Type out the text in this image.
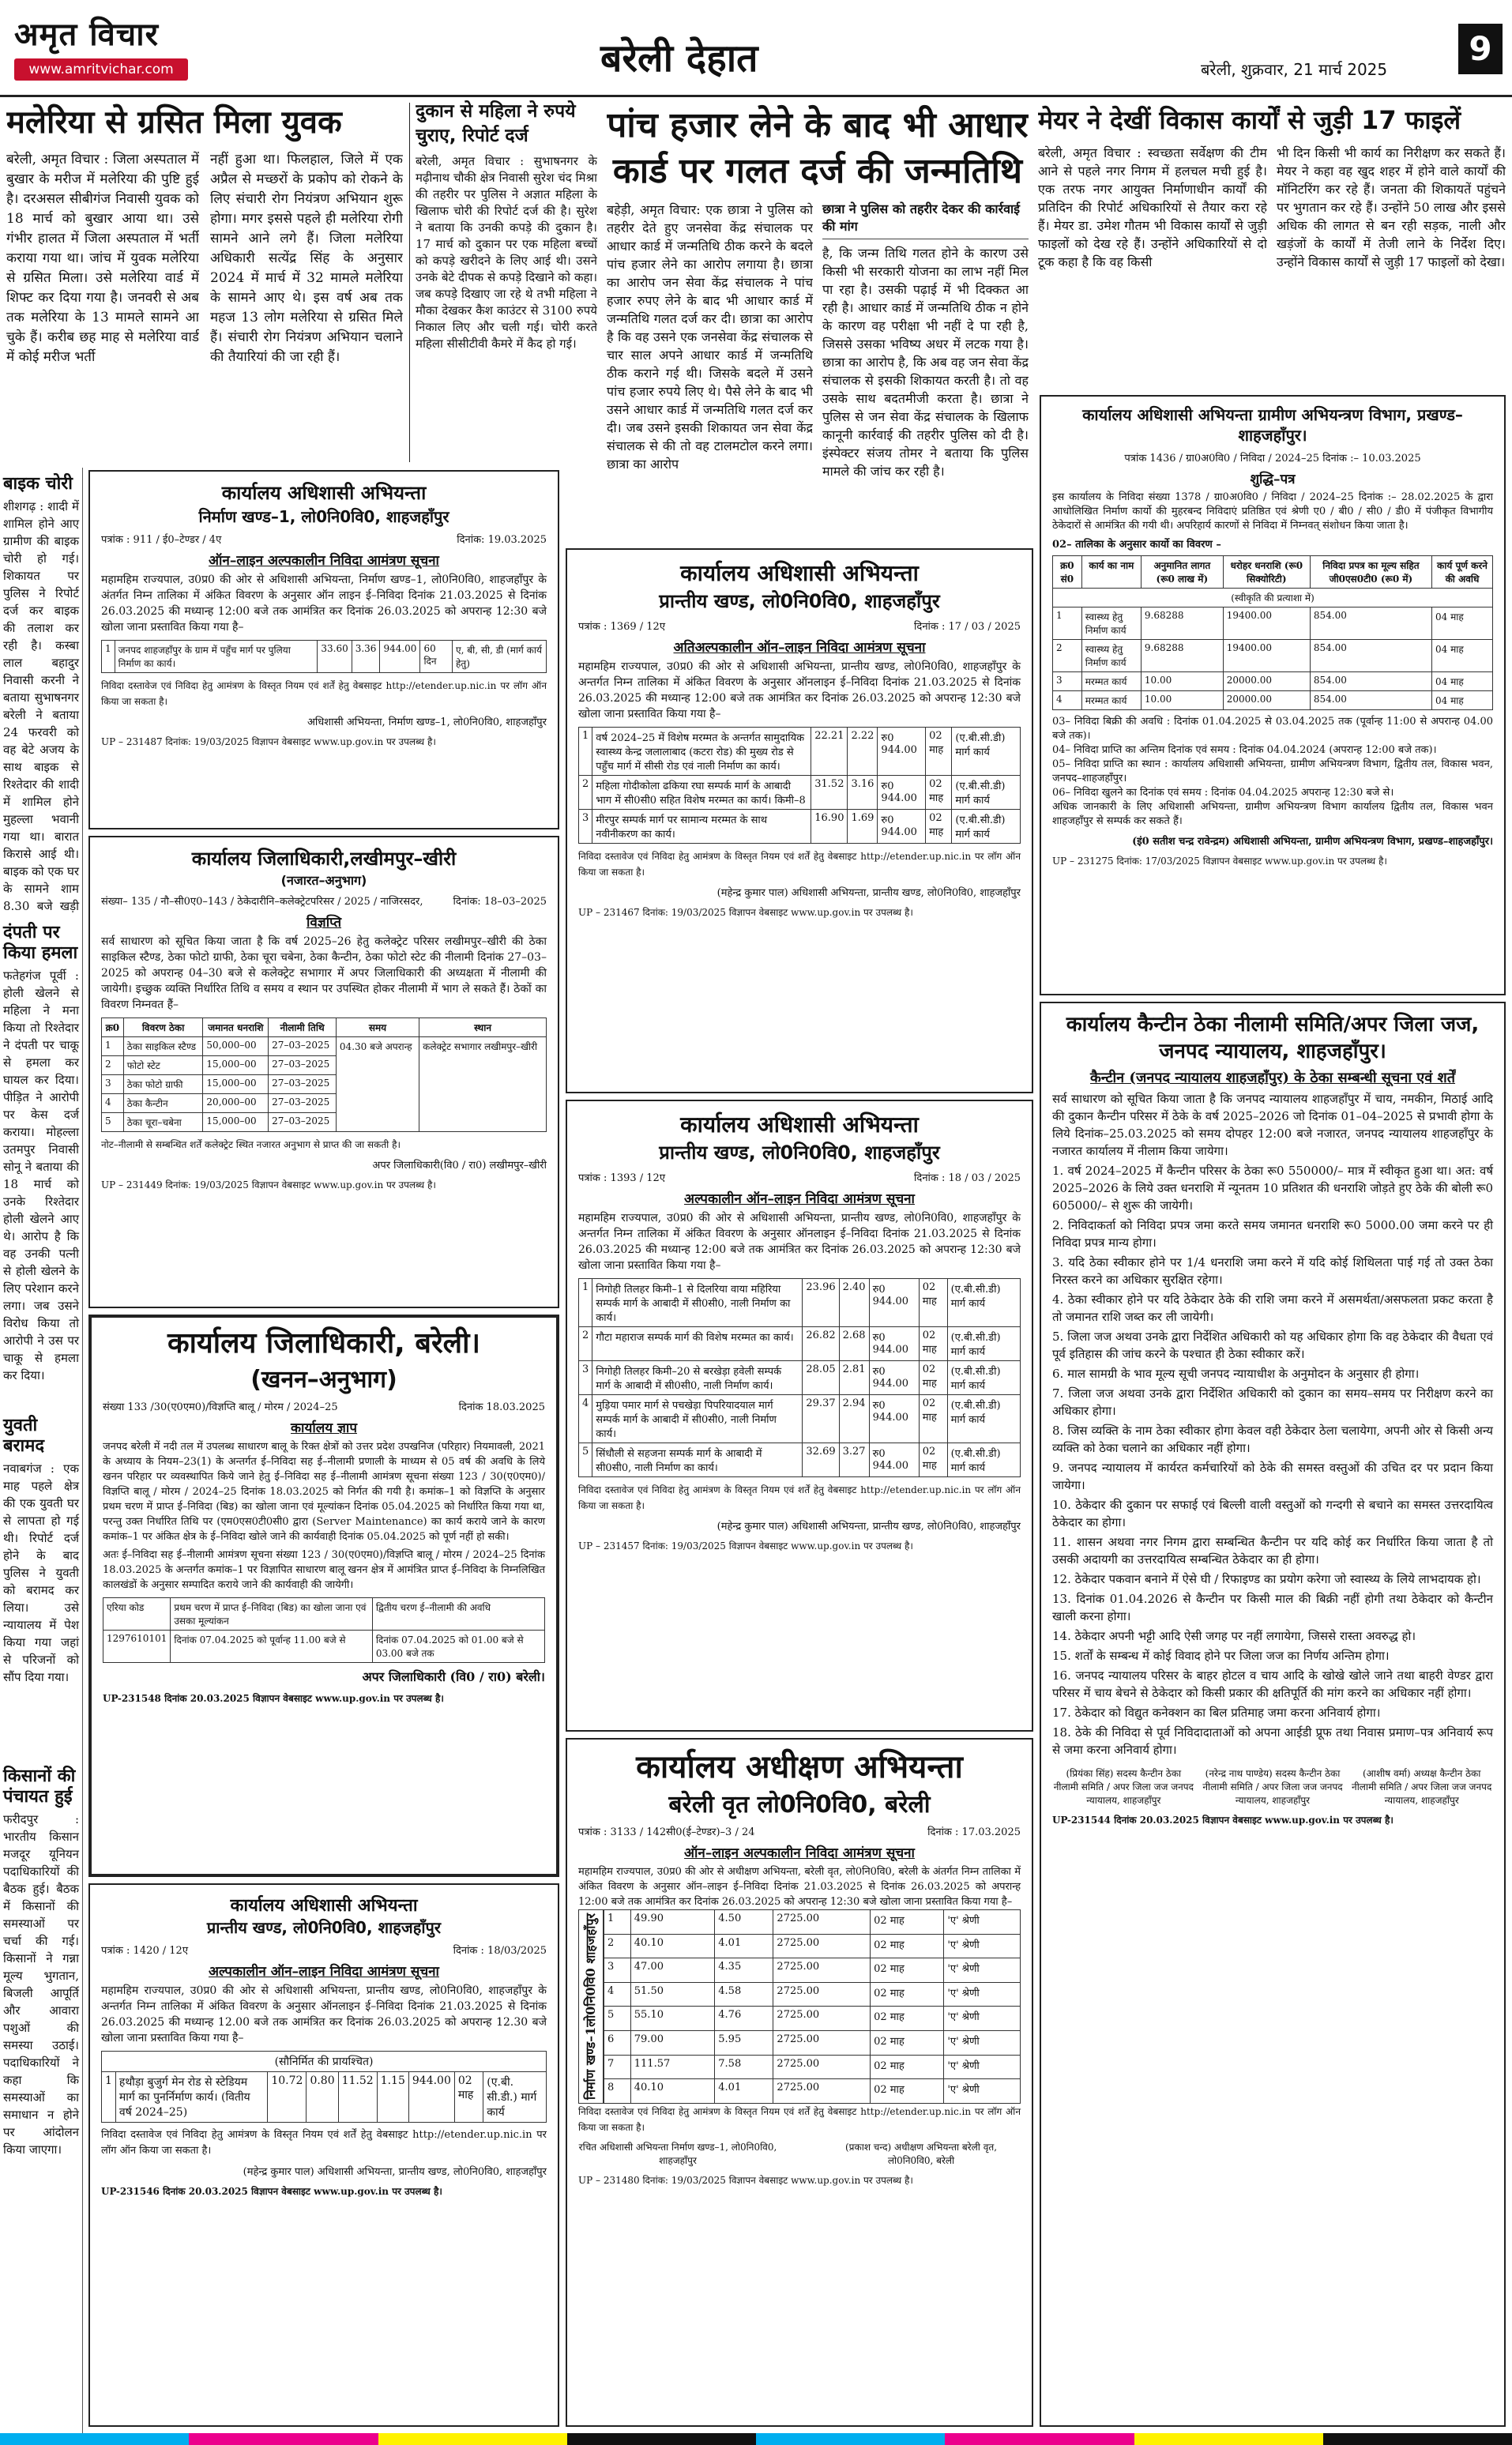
अमृत विचार
www.amritvichar.com	बरेली देहात	बरेली, शुक्रवार, 21 मार्च 2025
9
मलेरिया से ग्रसित मिला युवक
बरेली, अमृत विचार : जिला अस्पताल में बुखार के मरीज में मलेरिया की पुष्टि हुई है। दरअसल सीबीगंज निवासी युवक को 18 मार्च को बुखार आया था। उसे गंभीर हालत में जिला अस्पताल में भर्ती कराया गया था। जांच में युवक मलेरिया से ग्रसित मिला। उसे मलेरिया वार्ड में शिफ्ट कर दिया गया है। जनवरी से अब तक मलेरिया के 13 मामले सामने आ चुके हैं। करीब छह माह से मलेरिया वार्ड में कोई मरीज भर्ती
नहीं हुआ था। फिलहाल, जिले में एक अप्रैल से मच्छरों के प्रकोप को रोकने के लिए संचारी रोग नियंत्रण अभियान शुरू होगा। मगर इससे पहले ही मलेरिया रोगी सामने आने लगे हैं। जिला मलेरिया अधिकारी सत्येंद्र सिंह के अनुसार 2024 में मार्च में 32 मामले मलेरिया के सामने आए थे। इस वर्ष अब तक महज 13 लोग मलेरिया से ग्रसित मिले हैं। संचारी रोग नियंत्रण अभियान चलाने की तैयारियां की जा रही हैं।
दुकान से महिला ने रुपये चुराए, रिपोर्ट दर्ज
बरेली, अमृत विचार : सुभाषनगर के मढ़ीनाथ चौकी क्षेत्र निवासी सुरेश चंद मिश्रा की तहरीर पर पुलिस ने अज्ञात महिला के खिलाफ चोरी की रिपोर्ट दर्ज की है। सुरेश ने बताया कि उनकी कपड़े की दुकान है। 17 मार्च को दुकान पर एक महिला बच्चों को कपड़े खरीदने के लिए आई थी। उसने उनके बेटे दीपक से कपड़े दिखाने को कहा। जब कपड़े दिखाए जा रहे थे तभी महिला ने मौका देखकर कैश काउंटर से 3100 रुपये निकाल लिए और चली गई। चोरी करते महिला सीसीटीवी कैमरे में कैद हो गई।
पांच हजार लेने के बाद भी आधार कार्ड पर गलत दर्ज की जन्मतिथि
बहेड़ी, अमृत विचार: एक छात्रा ने पुलिस को तहरीर देते हुए जनसेवा केंद्र संचालक पर आधार कार्ड में जन्मतिथि ठीक करने के बदले पांच हजार लेने का आरोप लगाया है। छात्रा का आरोप जन सेवा केंद्र संचालक ने पांच हजार रुपए लेने के बाद भी आधार कार्ड में जन्मतिथि गलत दर्ज कर दी। छात्रा का आरोप है कि वह उसने एक जनसेवा केंद्र संचालक से चार साल अपने आधार कार्ड में जन्मतिथि ठीक कराने गई थी। जिसके बदले में उसने पांच हजार रुपये लिए थे। पैसे लेने के बाद भी उसने आधार कार्ड में जन्मतिथि गलत दर्ज कर दी। जब उसने इसकी शिकायत जन सेवा केंद्र संचालक से की तो वह टालमटोल करने लगा। छात्रा का आरोप
छात्रा ने पुलिस को तहरीर देकर की कार्रवाई की मांग
है, कि जन्म तिथि गलत होने के कारण उसे किसी भी सरकारी योजना का लाभ नहीं मिल पा रहा है। उसकी पढ़ाई में भी दिक्कत आ रही है। आधार कार्ड में जन्मतिथि ठीक न होने के कारण वह परीक्षा भी नहीं दे पा रही है, जिससे उसका भविष्य अधर में लटक गया है। छात्रा का आरोप है, कि अब वह जन सेवा केंद्र संचालक से इसकी शिकायत करती है। तो वह उसके साथ बदतमीजी करता है। छात्रा ने पुलिस से जन सेवा केंद्र संचालक के खिलाफ कानूनी कार्रवाई की तहरीर पुलिस को दी है। इंस्पेक्टर संजय तोमर ने बताया कि पुलिस मामले की जांच कर रही है।
मेयर ने देखीं विकास कार्यों से जुड़ी 17 फाइलें
बरेली, अमृत विचार : स्वच्छता सर्वेक्षण की टीम आने से पहले नगर निगम में हलचल मची हुई है। एक तरफ नगर आयुक्त निर्माणाधीन कार्यों की प्रतिदिन की रिपोर्ट अधिकारियों से तैयार करा रहे हैं। मेयर डा. उमेश गौतम भी विकास कार्यों से जुड़ी फाइलों को देख रहे हैं। उन्होंने अधिकारियों से दो टूक कहा है कि वह किसी
भी दिन किसी भी कार्य का निरीक्षण कर सकते हैं। मेयर ने कहा वह खुद शहर में होने वाले कार्यों की मॉनिटरिंग कर रहे हैं। जनता की शिकायतें पहुंचने पर भुगतान कर रहे हैं। उन्होंने 50 लाख और इससे अधिक की लागत से बन रही सड़क, नाली और खड़ंजों के कार्यों में तेजी लाने के निर्देश दिए। उन्होंने विकास कार्यों से जुड़ी 17 फाइलों को देखा।
बाइक चोरी
शीशगढ़ : शादी में शामिल होने आए ग्रामीण की बाइक चोरी हो गई। शिकायत पर पुलिस ने रिपोर्ट दर्ज कर बाइक की तलाश कर रही है। कस्बा लाल बहादुर निवासी करनी ने बताया सुभाषनगर बरेली ने बताया 24 फरवरी को वह बेटे अजय के साथ बाइक से रिश्तेदार की शादी में शामिल होने मुहल्ला भवानी गया था। बारात किरासे आई थी। बाइक को एक घर के सामने शाम 8.30 बजे खड़ी
दंपती पर किया हमला
फतेहगंज पूर्वी : होली खेलने से महिला ने मना किया तो रिश्तेदार ने दंपती पर चाकू से हमला कर घायल कर दिया। पीड़ित ने आरोपी पर केस दर्ज कराया। मोहल्ला उतमपुर निवासी सोनू ने बताया की 18 मार्च को उनके रिश्तेदार होली खेलने आए थे। आरोप है कि वह उनकी पत्नी से होली खेलने के लिए परेशान करने लगा। जब उसने विरोध किया तो आरोपी ने उस पर चाकू से हमला कर दिया।
युवती बरामद
नवाबगंज : एक माह पहले क्षेत्र की एक युवती घर से लापता हो गई थी। रिपोर्ट दर्ज होने के बाद पुलिस ने युवती को बरामद कर लिया। उसे न्यायालय में पेश किया गया जहां से परिजनों को सौंप दिया गया।
किसानों की पंचायत हुई
फरीदपुर : भारतीय किसान मजदूर यूनियन पदाधिकारियों की बैठक हुई। बैठक में किसानों की समस्याओं पर चर्चा की गई। किसानों ने गन्ना मूल्य भुगतान, बिजली आपूर्ति और आवारा पशुओं की समस्या उठाई। पदाधिकारियों ने कहा कि समस्याओं का समाधान न होने पर आंदोलन किया जाएगा।
कार्यालय अधिशासी अभियन्ता
निर्माण खण्ड–1, लो0नि0वि0, शाहजहाँपुर
पत्रांक : 911 / ई0–टेण्डर / 4ए	दिनांक: 19.03.2025
ऑन–लाइन अल्पकालीन निविदा आमंत्रण सूचना
महामहिम राज्यपाल, उ0प्र0 की ओर से अधिशासी अभियन्ता, निर्माण खण्ड–1, लो0नि0वि0, शाहजहाँपुर के अंतर्गत निम्न तालिका में अंकित विवरण के अनुसार ऑन लाइन ई–निविदा दिनांक 21.03.2025 से दिनांक 26.03.2025 की मध्यान्ह 12:00 बजे तक आमंत्रित कर दिनांक 26.03.2025 को अपरान्ह 12:30 बजे खोला जाना प्रस्तावित किया गया है–
1	जनपद शाहजहाँपुर के ग्राम में पहुँच मार्ग पर पुलिया निर्माण का कार्य।	33.60	3.36	944.00	60 दिन	ए, बी, सी, डी (मार्ग कार्य हेतु)
निविदा दस्तावेज एवं निविदा हेतु आमंत्रण के विस्तृत नियम एवं शर्तें हेतु वेबसाइट http://etender.up.nic.in पर लॉग ऑन किया जा सकता है।
अधिशासी अभियन्ता, निर्माण खण्ड–1, लो0नि0वि0, शाहजहाँपुर
UP – 231487 दिनांक: 19/03/2025 विज्ञापन वेबसाइट www.up.gov.in पर उपलब्ध है।
कार्यालय जिलाधिकारी,लखीमपुर–खीरी
(नजारत–अनुभाग)
संख्या– 135 / नौ–सी0ए0–143 / ठेकेदारीनि–कलेक्ट्रेटपरिसर / 2025 / नाजिरसदर,	दिनांक: 18–03–2025
विज्ञप्ति
सर्व साधारण को सूचित किया जाता है कि वर्ष 2025–26 हेतु कलेक्ट्रेट परिसर लखीमपुर–खीरी की ठेका साइकिल स्टैण्ड, ठेका फोटो ग्राफी, ठेका चूरा चबेना, ठेका कैन्टीन, ठेका फोटो स्टेट की नीलामी दिनांक 27–03–2025 को अपरान्ह 04–30 बजे से कलेक्ट्रेट सभागार में अपर जिलाधिकारी की अध्यक्षता में नीलामी की जायेगी। इच्छुक व्यक्ति निर्धारित तिथि व समय व स्थान पर उपस्थित होकर नीलामी में भाग ले सकते हैं। ठेकों का विवरण निम्नवत हैं–
क्र0	विवरण ठेका	जमानत धनराशि	नीलामी तिथि	समय	स्थान
1	ठेका साइकिल स्टैण्ड	50,000–00	27–03–2025	04.30 बजे अपरान्ह	कलेक्ट्रेट सभागार लखीमपुर–खीरी
2	फोटो स्टेट	15,000–00	27–03–2025		
3	ठेका फोटो ग्राफी	15,000–00	27–03–2025		
4	ठेका कैन्टीन	20,000–00	27–03–2025		
5	ठेका चूरा–चबेना	15,000–00	27–03–2025		
नोट–नीलामी से सम्बन्धित शर्तें कलेक्ट्रेट स्थित नजारत अनुभाग से प्राप्त की जा सकती है।
अपर जिलाधिकारी(वि0 / रा0) लखीमपुर–खीरी
UP – 231449 दिनांक: 19/03/2025 विज्ञापन वेबसाइट www.up.gov.in पर उपलब्ध है।
कार्यालय जिलाधिकारी, बरेली।
(खनन–अनुभाग)
संख्या 133 /30(ए0एम0)/विज्ञप्ति बालू / मोरम / 2024–25	दिनांक 18.03.2025
कार्यालय ज्ञाप
जनपद बरेली में नदी तल में उपलब्ध साधारण बालू के रिक्त क्षेत्रों को उत्तर प्रदेश उपखनिज (परिहार) नियमावली, 2021 के अध्याय के नियम–23(1) के अन्तर्गत ई–निविदा सह ई–नीलामी प्रणाली के माध्यम से 05 वर्ष की अवधि के लिये खनन परिहार पर व्यवस्थापित किये जाने हेतु ई–निविदा सह ई–नीलामी आमंत्रण सूचना संख्या 123 / 30(ए0एम0)/विज्ञप्ति बालू / मोरम / 2024–25 दिनांक 18.03.2025 को निर्गत की गयी है। कमांक–1 को विज्ञप्ति के अनुसार प्रथम चरण में प्राप्त ई–निविदा (बिड) का खोला जाना एवं मूल्यांकन दिनांक 05.04.2025 को निर्धारित किया गया था, परन्तु उक्त निर्धारित तिथि पर (एम0एस0टी0सी0 द्वारा (Server Maintenance) का कार्य कराये जाने के कारण कमांक–1 पर अंकित क्षेत्र के ई–निविदा खोले जाने की कार्यवाही दिनांक 05.04.2025 को पूर्ण नहीं हो सकी।
अतः ई–निविदा सह ई–नीलामी आमंत्रण सूचना संख्या 123 / 30(ए0एम0)/विज्ञप्ति बालू / मोरम / 2024–25 दिनांक 18.03.2025 के अन्तर्गत कमांक–1 पर विज्ञापित साधारण बालू खनन क्षेत्र में आमंत्रित प्राप्त ई–निविदा के निम्नलिखित कालखंडों के अनुसार सम्पादित कराये जाने की कार्यवाही की जायेगी।
एरिया कोड	प्रथम चरण में प्राप्त ई–निविदा (बिड) का खोला जाना एवं उसका मूल्यांकन	द्वितीय चरण ई–नीलामी की अवधि
1297610101	दिनांक 07.04.2025 को पूर्वान्ह 11.00 बजे से	दिनांक 07.04.2025 को 01.00 बजे से 03.00 बजे तक
अपर जिलाधिकारी (वि0 / रा0) बरेली।
UP-231548 दिनांक 20.03.2025 विज्ञापन वेबसाइट www.up.gov.in पर उपलब्ध है।
कार्यालय अधिशासी अभियन्ता
प्रान्तीय खण्ड, लो0नि0वि0, शाहजहाँपुर
पत्रांक : 1420 / 12ए	दिनांक : 18/03/2025
अल्पकालीन ऑन–लाइन निविदा आमंत्रण सूचना
महामहिम राज्यपाल, उ0प्र0 की ओर से अधिशासी अभियन्ता, प्रान्तीय खण्ड, लो0नि0वि0, शाहजहाँपुर के अन्तर्गत निम्न तालिका में अंकित विवरण के अनुसार ऑनलाइन ई–निविदा दिनांक 21.03.2025 से दिनांक 26.03.2025 की मध्यान्ह 12.00 बजे तक आमंत्रित कर दिनांक 26.03.2025 को अपरान्ह 12.30 बजे खोला जाना प्रस्तावित किया गया है–
(सौनिर्मित की प्रायश्चित)
1	हथौड़ा बुजुर्ग मेन रोड से स्टेडियम मार्ग का पुनर्निर्माण कार्य। (वितीय वर्ष 2024–25)	10.72	0.80	11.52	1.15	944.00	02 माह	(ए.बी. सी.डी.) मार्ग कार्य
निविदा दस्तावेज एवं निविदा हेतु आमंत्रण के विस्तृत नियम एवं शर्तें हेतु वेबसाइट http://etender.up.nic.in पर लॉग ऑन किया जा सकता है।
(महेन्द्र कुमार पाल) अधिशासी अभियन्ता, प्रान्तीय खण्ड, लो0नि0वि0, शाहजहाँपुर
UP-231546 दिनांक 20.03.2025 विज्ञापन वेबसाइट www.up.gov.in पर उपलब्ध है।
कार्यालय अधिशासी अभियन्ता
प्रान्तीय खण्ड, लो0नि0वि0, शाहजहाँपुर
पत्रांक : 1369 / 12ए	दिनांक : 17 / 03 / 2025
अतिअल्पकालीन ऑन–लाइन निविदा आमंत्रण सूचना
महामहिम राज्यपाल, उ0प्र0 की ओर से अधिशासी अभियन्ता, प्रान्तीय खण्ड, लो0नि0वि0, शाहजहाँपुर के अन्तर्गत निम्न तालिका में अंकित विवरण के अनुसार ऑनलाइन ई–निविदा दिनांक 21.03.2025 से दिनांक 26.03.2025 की मध्यान्ह 12:00 बजे तक आमंत्रित कर दिनांक 26.03.2025 को अपरान्ह 12:30 बजे खोला जाना प्रस्तावित किया गया है–
1	वर्ष 2024–25 में विशेष मरम्मत के अन्तर्गत सामुदायिक स्वास्थ्य केन्द्र जलालाबाद (कटरा रोड) की मुख्य रोड से पहुँच मार्ग में सीसी रोड एवं नाली निर्माण का कार्य।	22.21	2.22	रु0 944.00	02 माह	(ए.बी.सी.डी) मार्ग कार्य
2	महिला गोदीकोला ढकिया रघा सम्पर्क मार्ग के आबादी भाग में सी0सी0 सहित विशेष मरम्मत का कार्य। किमी–8	31.52	3.16	रु0 944.00	02 माह	(ए.बी.सी.डी) मार्ग कार्य
3	मीरपुर सम्पर्क मार्ग पर सामान्य मरम्मत के साथ नवीनीकरण का कार्य।	16.90	1.69	रु0 944.00	02 माह	(ए.बी.सी.डी) मार्ग कार्य
निविदा दस्तावेज एवं निविदा हेतु आमंत्रण के विस्तृत नियम एवं शर्तें हेतु वेबसाइट http://etender.up.nic.in पर लॉग ऑन किया जा सकता है।
(महेन्द्र कुमार पाल) अधिशासी अभियन्ता, प्रान्तीय खण्ड, लो0नि0वि0, शाहजहाँपुर
UP – 231467 दिनांक: 19/03/2025 विज्ञापन वेबसाइट www.up.gov.in पर उपलब्ध है।
कार्यालय अधिशासी अभियन्ता
प्रान्तीय खण्ड, लो0नि0वि0, शाहजहाँपुर
पत्रांक : 1393 / 12ए	दिनांक : 18 / 03 / 2025
अल्पकालीन ऑन–लाइन निविदा आमंत्रण सूचना
महामहिम राज्यपाल, उ0प्र0 की ओर से अधिशासी अभियन्ता, प्रान्तीय खण्ड, लो0नि0वि0, शाहजहाँपुर के अन्तर्गत निम्न तालिका में अंकित विवरण के अनुसार ऑनलाइन ई–निविदा दिनांक 21.03.2025 से दिनांक 26.03.2025 की मध्यान्ह 12:00 बजे तक आमंत्रित कर दिनांक 26.03.2025 को अपरान्ह 12:30 बजे खोला जाना प्रस्तावित किया गया है–
1	निगोही तिलहर किमी–1 से दिलरिया वाया महिरिया सम्पर्क मार्ग के आबादी में सी0सी0, नाली निर्माण का कार्य।	23.96	2.40	रु0 944.00	02 माह	(ए.बी.सी.डी) मार्ग कार्य
2	गौटा महाराज सम्पर्क मार्ग की विशेष मरम्मत का कार्य।	26.82	2.68	रु0 944.00	02 माह	(ए.बी.सी.डी) मार्ग कार्य
3	निगोही तिलहर किमी–20 से बरखेड़ा हवेली सम्पर्क मार्ग के आबादी में सी0सी0, नाली निर्माण कार्य।	28.05	2.81	रु0 944.00	02 माह	(ए.बी.सी.डी) मार्ग कार्य
4	मुड़िया पमार मार्ग से पचखेड़ा पिपरियादयाल मार्ग सम्पर्क मार्ग के आबादी में सी0सी0, नाली निर्माण कार्य।	29.37	2.94	रु0 944.00	02 माह	(ए.बी.सी.डी) मार्ग कार्य
5	सिंधौली से सहजना सम्पर्क मार्ग के आबादी में सी0सी0, नाली निर्माण का कार्य।	32.69	3.27	रु0 944.00	02 माह	(ए.बी.सी.डी) मार्ग कार्य
निविदा दस्तावेज एवं निविदा हेतु आमंत्रण के विस्तृत नियम एवं शर्तें हेतु वेबसाइट http://etender.up.nic.in पर लॉग ऑन किया जा सकता है।
(महेन्द्र कुमार पाल) अधिशासी अभियन्ता, प्रान्तीय खण्ड, लो0नि0वि0, शाहजहाँपुर
UP – 231457 दिनांक: 19/03/2025 विज्ञापन वेबसाइट www.up.gov.in पर उपलब्ध है।
कार्यालय अधीक्षण अभियन्ता
बरेली वृत लो0नि0वि0, बरेली
पत्रांक : 3133 / 142सी0(ई–टेण्डर)–3 / 24	दिनांक : 17.03.2025
ऑन–लाइन अल्पकालीन निविदा आमंत्रण सूचना
महामहिम राज्यपाल, उ0प्र0 की ओर से अधीक्षण अभियन्ता, बरेली वृत, लो0नि0वि0, बरेली के अंतर्गत निम्न तालिका में अंकित विवरण के अनुसार ऑन–लाइन ई–निविदा दिनांक 21.03.2025 से दिनांक 26.03.2025 को अपरान्ह 12:00 बजे तक आमंत्रित कर दिनांक 26.03.2025 को अपरान्ह 12:30 बजे खोला जाना प्रस्तावित किया गया है–
निर्माण खण्ड–1लो0नि0वि0 शाहजहाँपुर 1	49.90	4.50	2725.00	02 माह	'ए' श्रेणी
2	40.10	4.01	2725.00	02 माह	'ए' श्रेणी
3	47.00	4.35	2725.00	02 माह	'ए' श्रेणी
4	51.50	4.58	2725.00	02 माह	'ए' श्रेणी
5	55.10	4.76	2725.00	02 माह	'ए' श्रेणी
6	79.00	5.95	2725.00	02 माह	'ए' श्रेणी
7	111.57	7.58	2725.00	02 माह	'ए' श्रेणी
8	40.10	4.01	2725.00	02 माह	'ए' श्रेणी
निविदा दस्तावेज एवं निविदा हेतु आमंत्रण के विस्तृत नियम एवं शर्तें हेतु वेबसाइट http://etender.up.nic.in पर लॉग ऑन किया जा सकता है।
रचित अधिशासी अभियन्ता निर्माण खण्ड–1, लो0नि0वि0, शाहजहाँपुर
(प्रकाश चन्द) अधीक्षण अभियन्ता बरेली वृत, लो0नि0वि0, बरेली
UP – 231480 दिनांक: 19/03/2025 विज्ञापन वेबसाइट www.up.gov.in पर उपलब्ध है।
कार्यालय अधिशासी अभियन्ता ग्रामीण अभियन्त्रण विभाग, प्रखण्ड–शाहजहाँपुर।
पत्रांक 1436 / ग्रा0अ0वि0 / निविदा / 2024–25 दिनांक :– 10.03.2025
शुद्धि–पत्र
इस कार्यालय के निविदा संख्या 1378 / ग्रा0अ0वि0 / निविदा / 2024–25 दिनांक :– 28.02.2025 के द्वारा आधोलिखित निर्माण कार्यो की मुहरबन्द निविदाएं प्रतिष्ठित एवं श्रेणी ए0 / बी0 / सी0 / डी0 में पंजीकृत विभागीय ठेकेदारों से आमंत्रित की गयी थी। अपरिहार्य कारणों से निविदा में निम्नवत् संशोधन किया जाता है।
02– तालिका के अनुसार कार्यो का विवरण –
क्र0 सं0	कार्य का नाम	अनुमानित लागत (रू0 लाख में)	धरोहर धनराशि (रू0 सिक्योरिटी)	निविदा प्रपत्र का मूल्य सहित जी0एस0टी0 (रू0 में)	कार्य पूर्ण करने की अवधि
(स्वीकृति की प्रत्याशा में)					
1	स्वास्थ्य हेतु निर्माण कार्य	9.68288	19400.00	854.00	04 माह
2	स्वास्थ्य हेतु निर्माण कार्य	9.68288	19400.00	854.00	04 माह
3	मरम्मत कार्य	10.00	20000.00	854.00	04 माह
4	मरम्मत कार्य	10.00	20000.00	854.00	04 माह
03– निविदा बिक्री की अवधि : दिनांक 01.04.2025 से 03.04.2025 तक (पूर्वान्ह 11:00 से अपरान्ह 04.00 बजे तक)।
04– निविदा प्राप्ति का अन्तिम दिनांक एवं समय : दिनांक 04.04.2024 (अपरान्ह 12:00 बजे तक)।
05– निविदा प्राप्ति का स्थान : कार्यालय अधिशासी अभियन्ता, ग्रामीण अभियन्त्रण विभाग, द्वितीय तल, विकास भवन, जनपद–शाहजहाँपुर।
06– निविदा खुलने का दिनांक एवं समय : दिनांक 04.04.2025 अपरान्ह 12:30 बजे से।
अधिक जानकारी के लिए अधिशासी अभियन्ता, ग्रामीण अभियन्त्रण विभाग कार्यालय द्वितीय तल, विकास भवन शाहजहाँपुर से सम्पर्क कर सकते हैं।
(इं0 सतीश चन्द्र रावेन्द्रम) अधिशासी अभियन्ता, ग्रामीण अभियन्त्रण विभाग, प्रखण्ड–शाहजहाँपुर।
UP – 231275 दिनांक: 17/03/2025 विज्ञापन वेबसाइट www.up.gov.in पर उपलब्ध है।
कार्यालय कैन्टीन ठेका नीलामी समिति/अपर जिला जज, जनपद न्यायालय, शाहजहाँपुर।
कैन्टीन (जनपद न्यायालय शाहजहाँपुर) के ठेका सम्बन्धी सूचना एवं शर्तें
सर्व साधारण को सूचित किया जाता है कि जनपद न्यायालय शाहजहाँपुर में चाय, नमकीन, मिठाई आदि की दुकान कैन्टीन परिसर में ठेके के वर्ष 2025–2026 जो दिनांक 01–04–2025 से प्रभावी होगा के लिये दिनांक–25.03.2025 को समय दोपहर 12:00 बजे नजारत, जनपद न्यायालय शाहजहाँपुर के नजारत कार्यालय में नीलाम किया जायेगा।
1. वर्ष 2024–2025 में कैन्टीन परिसर के ठेका रू0 550000/– मात्र में स्वीकृत हुआ था। अत: वर्ष 2025–2026 के लिये उक्त धनराशि में न्यूनतम 10 प्रतिशत की धनराशि जोड़ते हुए ठेके की बोली रू0 605000/– से शुरू की जायेगी।
2. निविदाकर्ता को निविदा प्रपत्र जमा करते समय जमानत धनराशि रू0 5000.00 जमा करने पर ही निविदा प्रपत्र मान्य होगा।
3. यदि ठेका स्वीकार होने पर 1/4 धनराशि जमा करने में यदि कोई शिथिलता पाई गई तो उक्त ठेका निरस्त करने का अधिकार सुरक्षित रहेगा।
4. ठेका स्वीकार होने पर यदि ठेकेदार ठेके की राशि जमा करने में असमर्थता/असफलता प्रकट करता है तो जमानत राशि जब्त कर ली जायेगी।
5. जिला जज अथवा उनके द्वारा निर्देशित अधिकारी को यह अधिकार होगा कि वह ठेकेदार की वैधता एवं पूर्व इतिहास की जांच करने के पश्चात ही ठेका स्वीकार करें।
6. माल सामग्री के भाव मूल्य सूची जनपद न्यायाधीश के अनुमोदन के अनुसार ही होगा।
7. जिला जज अथवा उनके द्वारा निर्देशित अधिकारी को दुकान का समय–समय पर निरीक्षण करने का अधिकार होगा।
8. जिस व्यक्ति के नाम ठेका स्वीकार होगा केवल वही ठेकेदार ठेला चलायेगा, अपनी ओर से किसी अन्य व्यक्ति को ठेका चलाने का अधिकार नहीं होगा।
9. जनपद न्यायालय में कार्यरत कर्मचारियों को ठेके की समस्त वस्तुओं की उचित दर पर प्रदान किया जायेगा।
10. ठेकेदार की दुकान पर सफाई एवं बिल्ली वाली वस्तुओं को गन्दगी से बचाने का समस्त उत्तरदायित्व ठेकेदार का होगा।
11. शासन अथवा नगर निगम द्वारा सम्बन्धित कैन्टीन पर यदि कोई कर निर्धारित किया जाता है तो उसकी अदायगी का उत्तरदायित्व सम्बन्धित ठेकेदार का ही होगा।
12. ठेकेदार पकवान बनाने में ऐसे घी / रिफाइण्ड का प्रयोग करेगा जो स्वास्थ्य के लिये लाभदायक हो।
13. दिनांक 01.04.2026 से कैन्टीन पर किसी माल की बिक्री नहीं होगी तथा ठेकेदार को कैन्टीन खाली करना होगा।
14. ठेकेदार अपनी भट्टी आदि ऐसी जगह पर नहीं लगायेगा, जिससे रास्ता अवरुद्ध हो।
15. शर्तों के सम्बन्ध में कोई विवाद होने पर जिला जज का निर्णय अन्तिम होगा।
16. जनपद न्यायालय परिसर के बाहर होटल व चाय आदि के खोखे खोले जाने तथा बाहरी वेण्डर द्वारा परिसर में चाय बेचने से ठेकेदार को किसी प्रकार की क्षतिपूर्ति की मांग करने का अधिकार नहीं होगा।
17. ठेकेदार को विद्युत कनेक्शन का बिल प्रतिमाह जमा करना अनिवार्य होगा।
18. ठेके की निविदा से पूर्व निविदादाताओं को अपना आईडी प्रूफ तथा निवास प्रमाण–पत्र अनिवार्य रूप से जमा करना अनिवार्य होगा।
(प्रियंका सिंह) सदस्य कैन्टीन ठेका नीलामी समिति / अपर जिला जज जनपद न्यायालय, शाहजहाँपुर
(नरेन्द्र नाथ पाण्डेय) सदस्य कैन्टीन ठेका नीलामी समिति / अपर जिला जज जनपद न्यायालय, शाहजहाँपुर
(आशीष वर्मा) अध्यक्ष कैन्टीन ठेका नीलामी समिति / अपर जिला जज जनपद न्यायालय, शाहजहाँपुर
UP-231544 दिनांक 20.03.2025 विज्ञापन वेबसाइट www.up.gov.in पर उपलब्ध है।
